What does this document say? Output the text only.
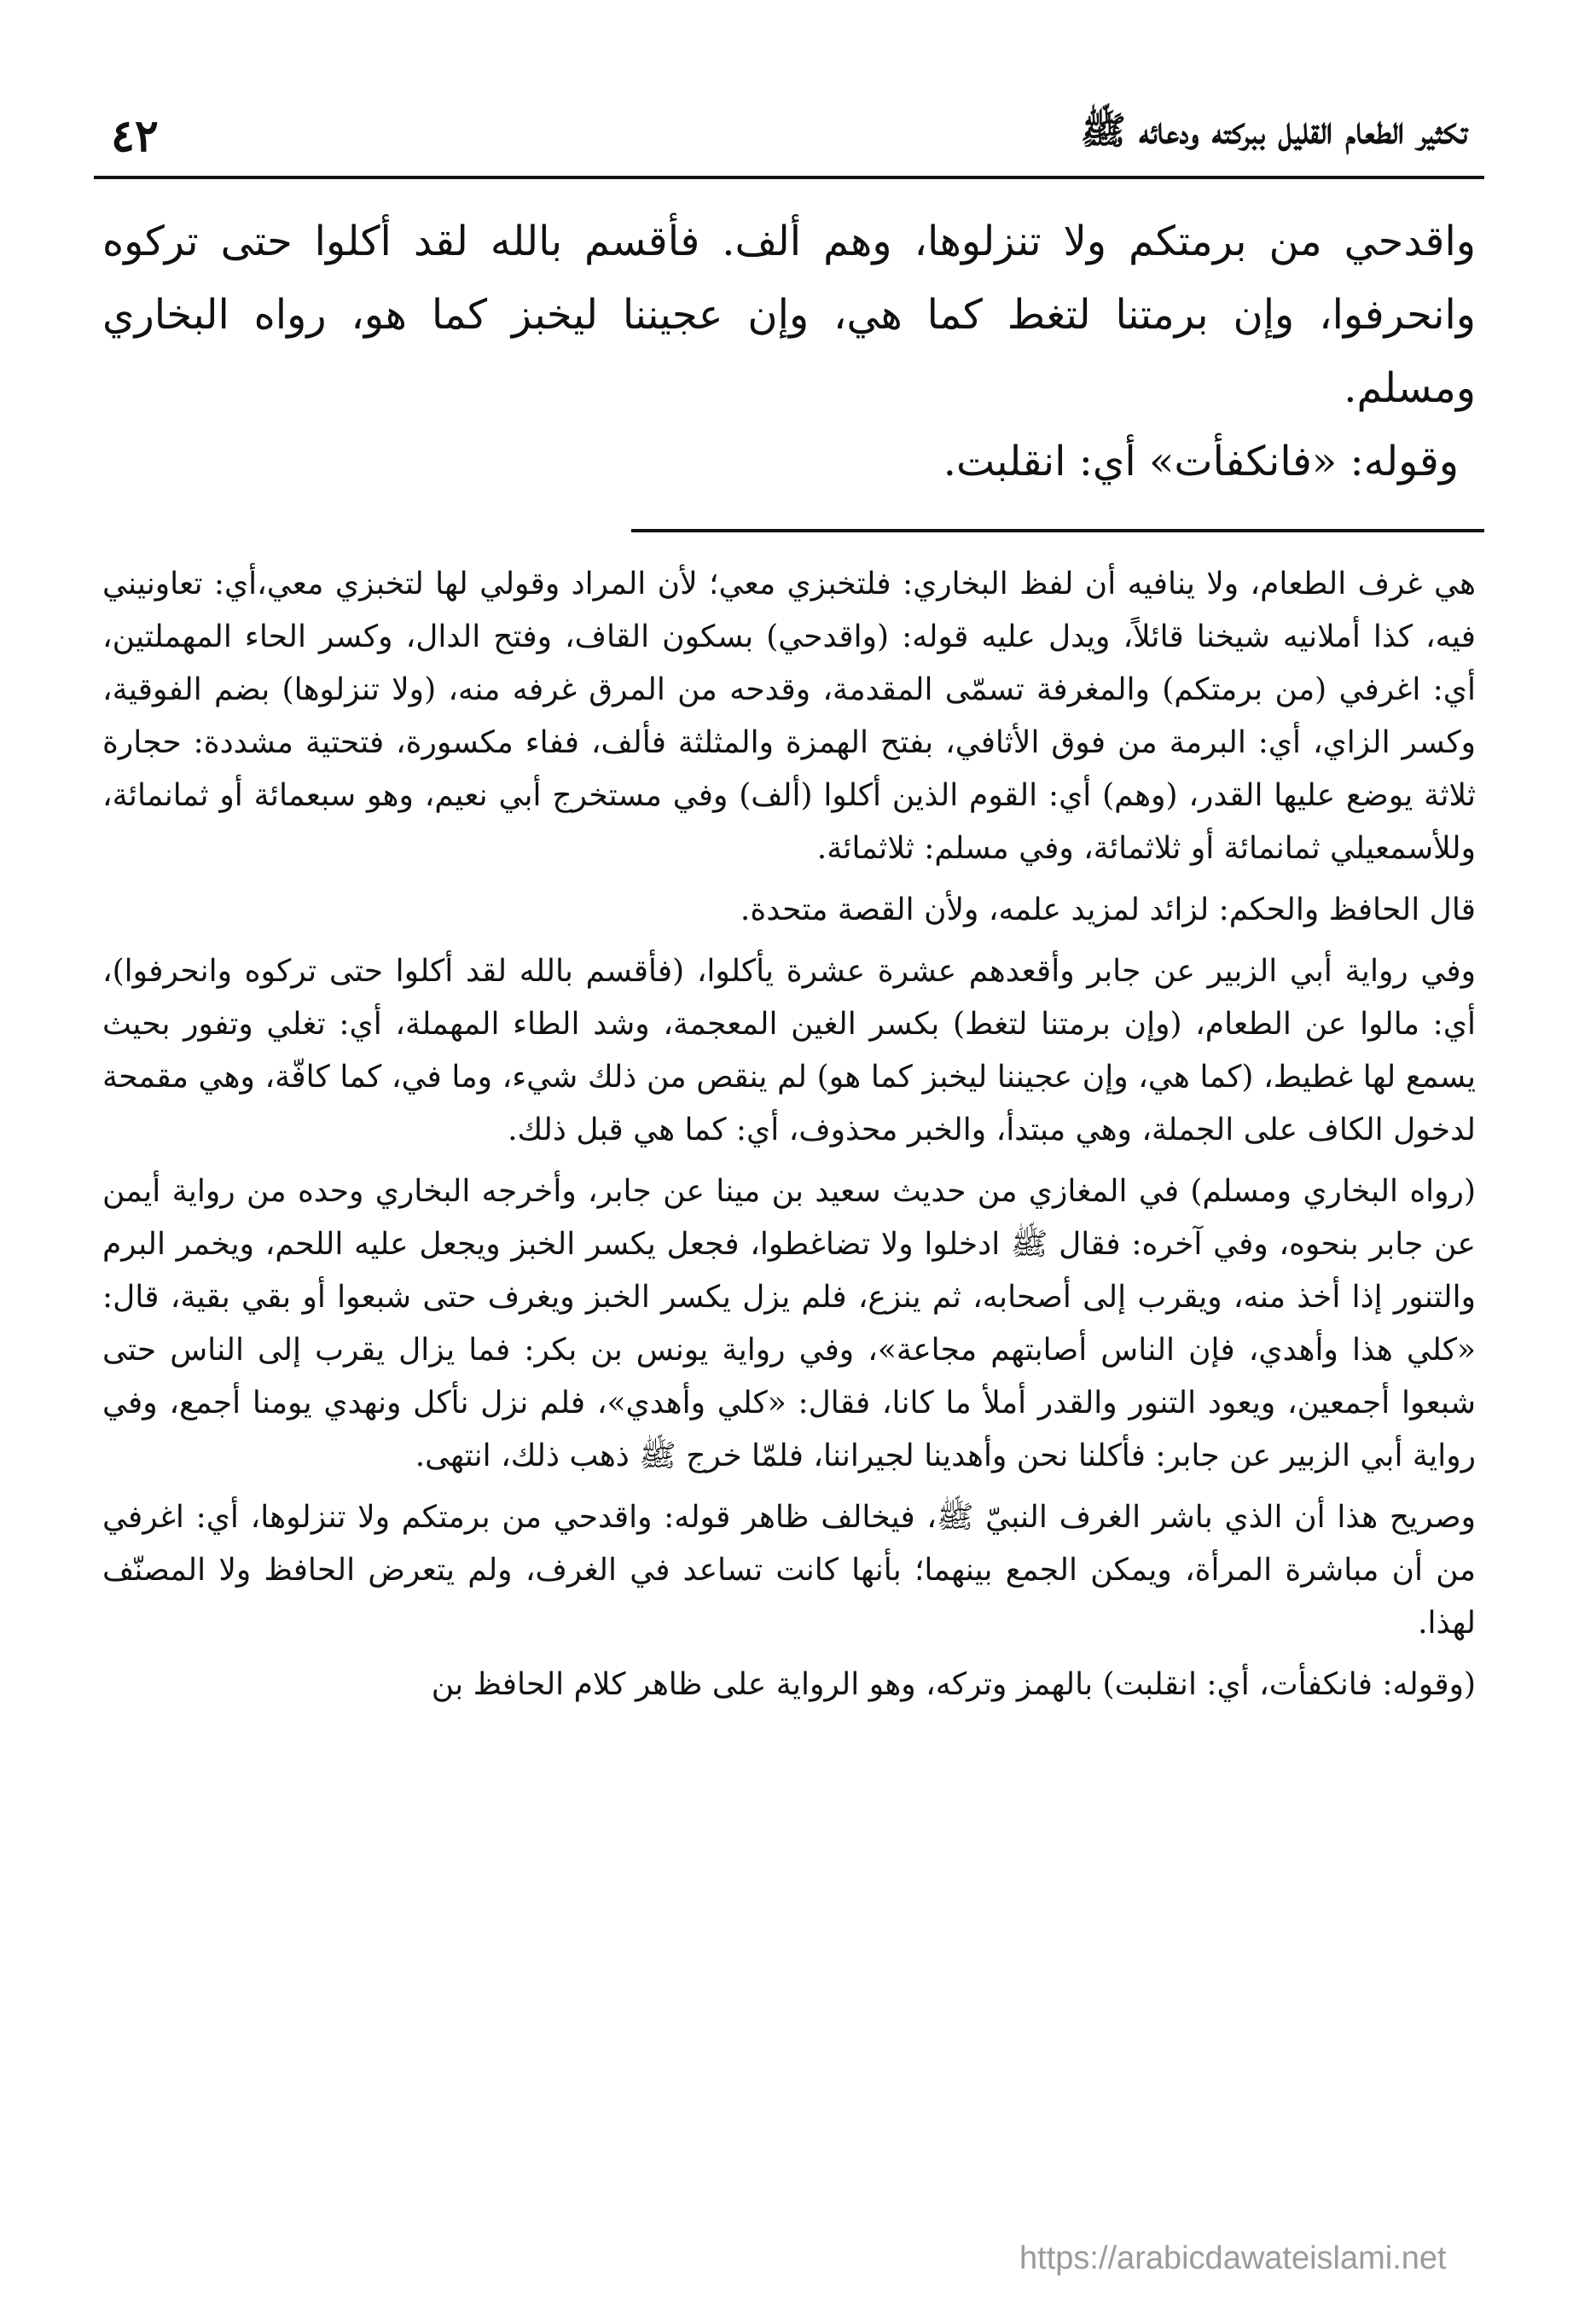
تكثير الطعام القليل ببركته ودعائه ﷺ
٤٢

واقدحي من برمتكم ولا تنزلوها، وهم ألف. فأقسم بالله لقد أكلوا حتى تركوه وانحرفوا، وإن برمتنا لتغط كما هي، وإن عجيننا ليخبز كما هو، رواه البخاري ومسلم.

وقوله: «فانكفأت» أي: انقلبت.

هي غرف الطعام، ولا ينافيه أن لفظ البخاري: فلتخبزي معي؛ لأن المراد وقولي لها لتخبزي معي،أي: تعاونيني فيه، كذا أملانيه شيخنا قائلاً، ويدل عليه قوله: (واقدحي) بسكون القاف، وفتح الدال، وكسر الحاء المهملتين، أي: اغرفي (من برمتكم) والمغرفة تسمّى المقدمة، وقدحه من المرق غرفه منه، (ولا تنزلوها) بضم الفوقية، وكسر الزاي، أي: البرمة من فوق الأثافي، بفتح الهمزة والمثلثة فألف، ففاء مكسورة، فتحتية مشددة: حجارة ثلاثة يوضع عليها القدر، (وهم) أي: القوم الذين أكلوا (ألف) وفي مستخرج أبي نعيم، وهو سبعمائة أو ثمانمائة، وللأسمعيلي ثمانمائة أو ثلاثمائة، وفي مسلم: ثلاثمائة.

قال الحافظ والحكم: لزائد لمزيد علمه، ولأن القصة متحدة.

وفي رواية أبي الزبير عن جابر وأقعدهم عشرة عشرة يأكلوا، (فأقسم بالله لقد أكلوا حتى تركوه وانحرفوا)، أي: مالوا عن الطعام، (وإن برمتنا لتغط) بكسر الغين المعجمة، وشد الطاء المهملة، أي: تغلي وتفور بحيث يسمع لها غطيط، (كما هي، وإن عجيننا ليخبز كما هو) لم ينقص من ذلك شيء، وما في، كما كافّة، وهي مقمحة لدخول الكاف على الجملة، وهي مبتدأ، والخبر محذوف، أي: كما هي قبل ذلك.

(رواه البخاري ومسلم) في المغازي من حديث سعيد بن مينا عن جابر، وأخرجه البخاري وحده من رواية أيمن عن جابر بنحوه، وفي آخره: فقال ﷺ ادخلوا ولا تضاغطوا، فجعل يكسر الخبز ويجعل عليه اللحم، ويخمر البرم والتنور إذا أخذ منه، ويقرب إلى أصحابه، ثم ينزع، فلم يزل يكسر الخبز ويغرف حتى شبعوا أو بقي بقية، قال: «كلي هذا وأهدي، فإن الناس أصابتهم مجاعة»، وفي رواية يونس بن بكر: فما يزال يقرب إلى الناس حتى شبعوا أجمعين، ويعود التنور والقدر أملأ ما كانا، فقال: «كلي وأهدي»، فلم نزل نأكل ونهدي يومنا أجمع، وفي رواية أبي الزبير عن جابر: فأكلنا نحن وأهدينا لجيراننا، فلمّا خرج ﷺ ذهب ذلك، انتهى.

وصريح هذا أن الذي باشر الغرف النبيّ ﷺ، فيخالف ظاهر قوله: واقدحي من برمتكم ولا تنزلوها، أي: اغرفي من أن مباشرة المرأة، ويمكن الجمع بينهما؛ بأنها كانت تساعد في الغرف، ولم يتعرض الحافظ ولا المصنّف لهذا.

(وقوله: فانكفأت، أي: انقلبت) بالهمز وتركه، وهو الرواية على ظاهر كلام الحافظ بن

https://arabicdawateislami.net
